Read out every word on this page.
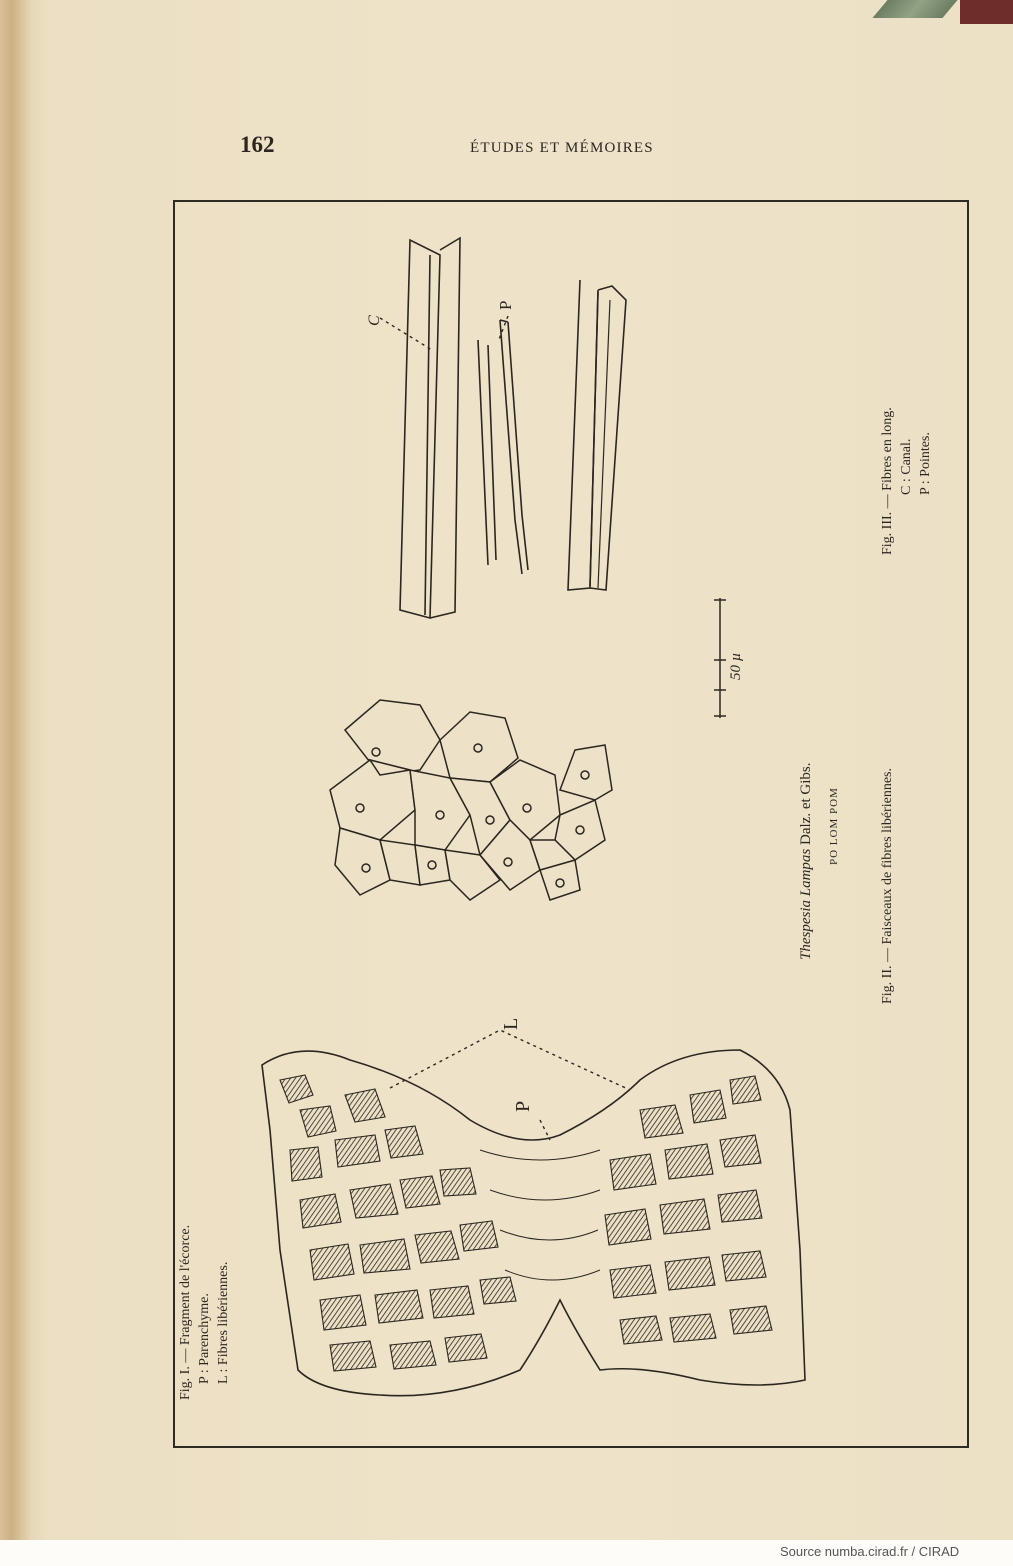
162	ÉTUDES ET MÉMOIRES
C
P
L
P
50 µ
Thespesia Lampas Dalz. et Gibs. PO LOM POM
Fig. I. — Fragment de l'écorce. P : Parenchyme. L : Fibres libériennes.
Fig. II. — Faisceaux de fibres libériennes.
Fig. III. — Fibres en long. C : Canal. P : Pointes.
Source numba.cirad.fr / CIRAD
